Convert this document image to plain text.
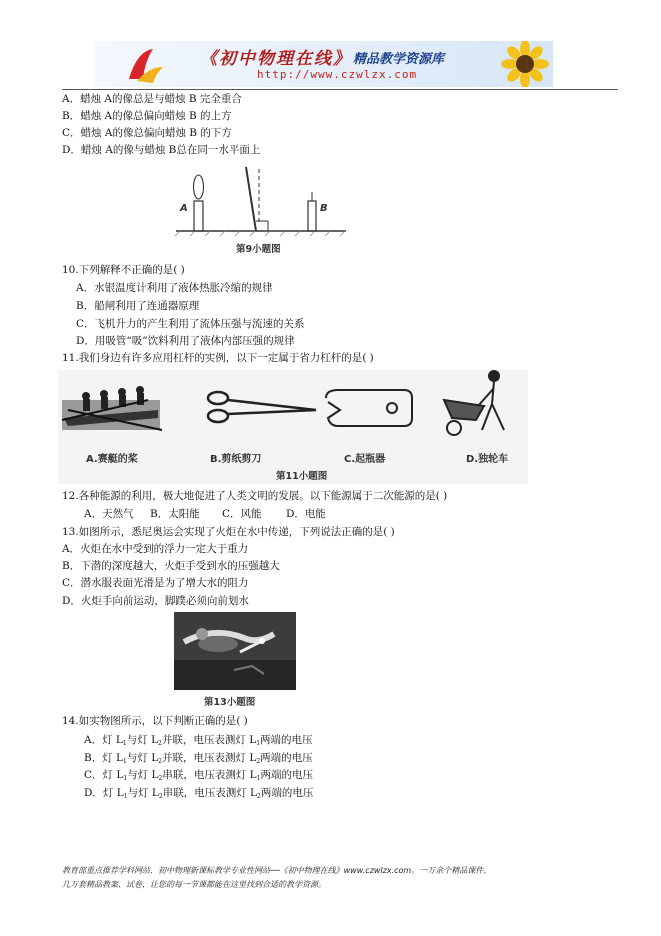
《初中物理在线》 精品教学资源库
http://www.czwlzx.com
A．蜡烛 A的像总是与蜡烛 B 完全重合
B．蜡烛 A的像总偏向蜡烛 B 的上方
C．蜡烛 A的像总偏向蜡烛 B 的下方
D．蜡烛 A的像与蜡烛 B总在同一水平面上
A	B
第9小题图
10.下列解释不正确的是( )
A．水银温度计利用了液体热胀冷缩的规律
B．船闸利用了连通器原理
C．飞机升力的产生利用了流体压强与流速的关系
D．用吸管“吸”饮料利用了液体内部压强的规律
11.我们身边有许多应用杠杆的实例，以下一定属于省力杠杆的是( )
A.赛艇的桨	B.剪纸剪刀	C.起瓶器	D.独轮车
第11小题图
12.各种能源的利用，极大地促进了人类文明的发展。以下能源属于二次能源的是( )
A．天然气 B．太阳能 C．风能 D．电能
13.如图所示，悉尼奥运会实现了火炬在水中传递，下列说法正确的是( )
A．火炬在水中受到的浮力一定大于重力
B．下潜的深度越大，火炬手受到水的压强越大
C．潜水服表面光滑是为了增大水的阻力
D．火炬手向前运动，脚蹼必须向前划水
第13小题图
14.如实物图所示，以下判断正确的是( )
A．灯 $L_1$与灯 $L_2$并联，电压表测灯 $L_1$两端的电压
B．灯 $L_1$与灯 $L_2$并联，电压表测灯 $L_2$两端的电压
C．灯 $L_1$与灯 $L_2$串联，电压表测灯 $L_1$两端的电压
D．灯 $L_1$与灯 $L_2$串联，电压表测灯 $L_2$两端的电压
教育部重点推荐学科网站．初中物理新课标教学专业性网站──《初中物理在线》www.czwlzx.com。一万余个精品课件、
几万套精品教案、试卷，让您的每一节课都能在这里找到合适的教学资源。
